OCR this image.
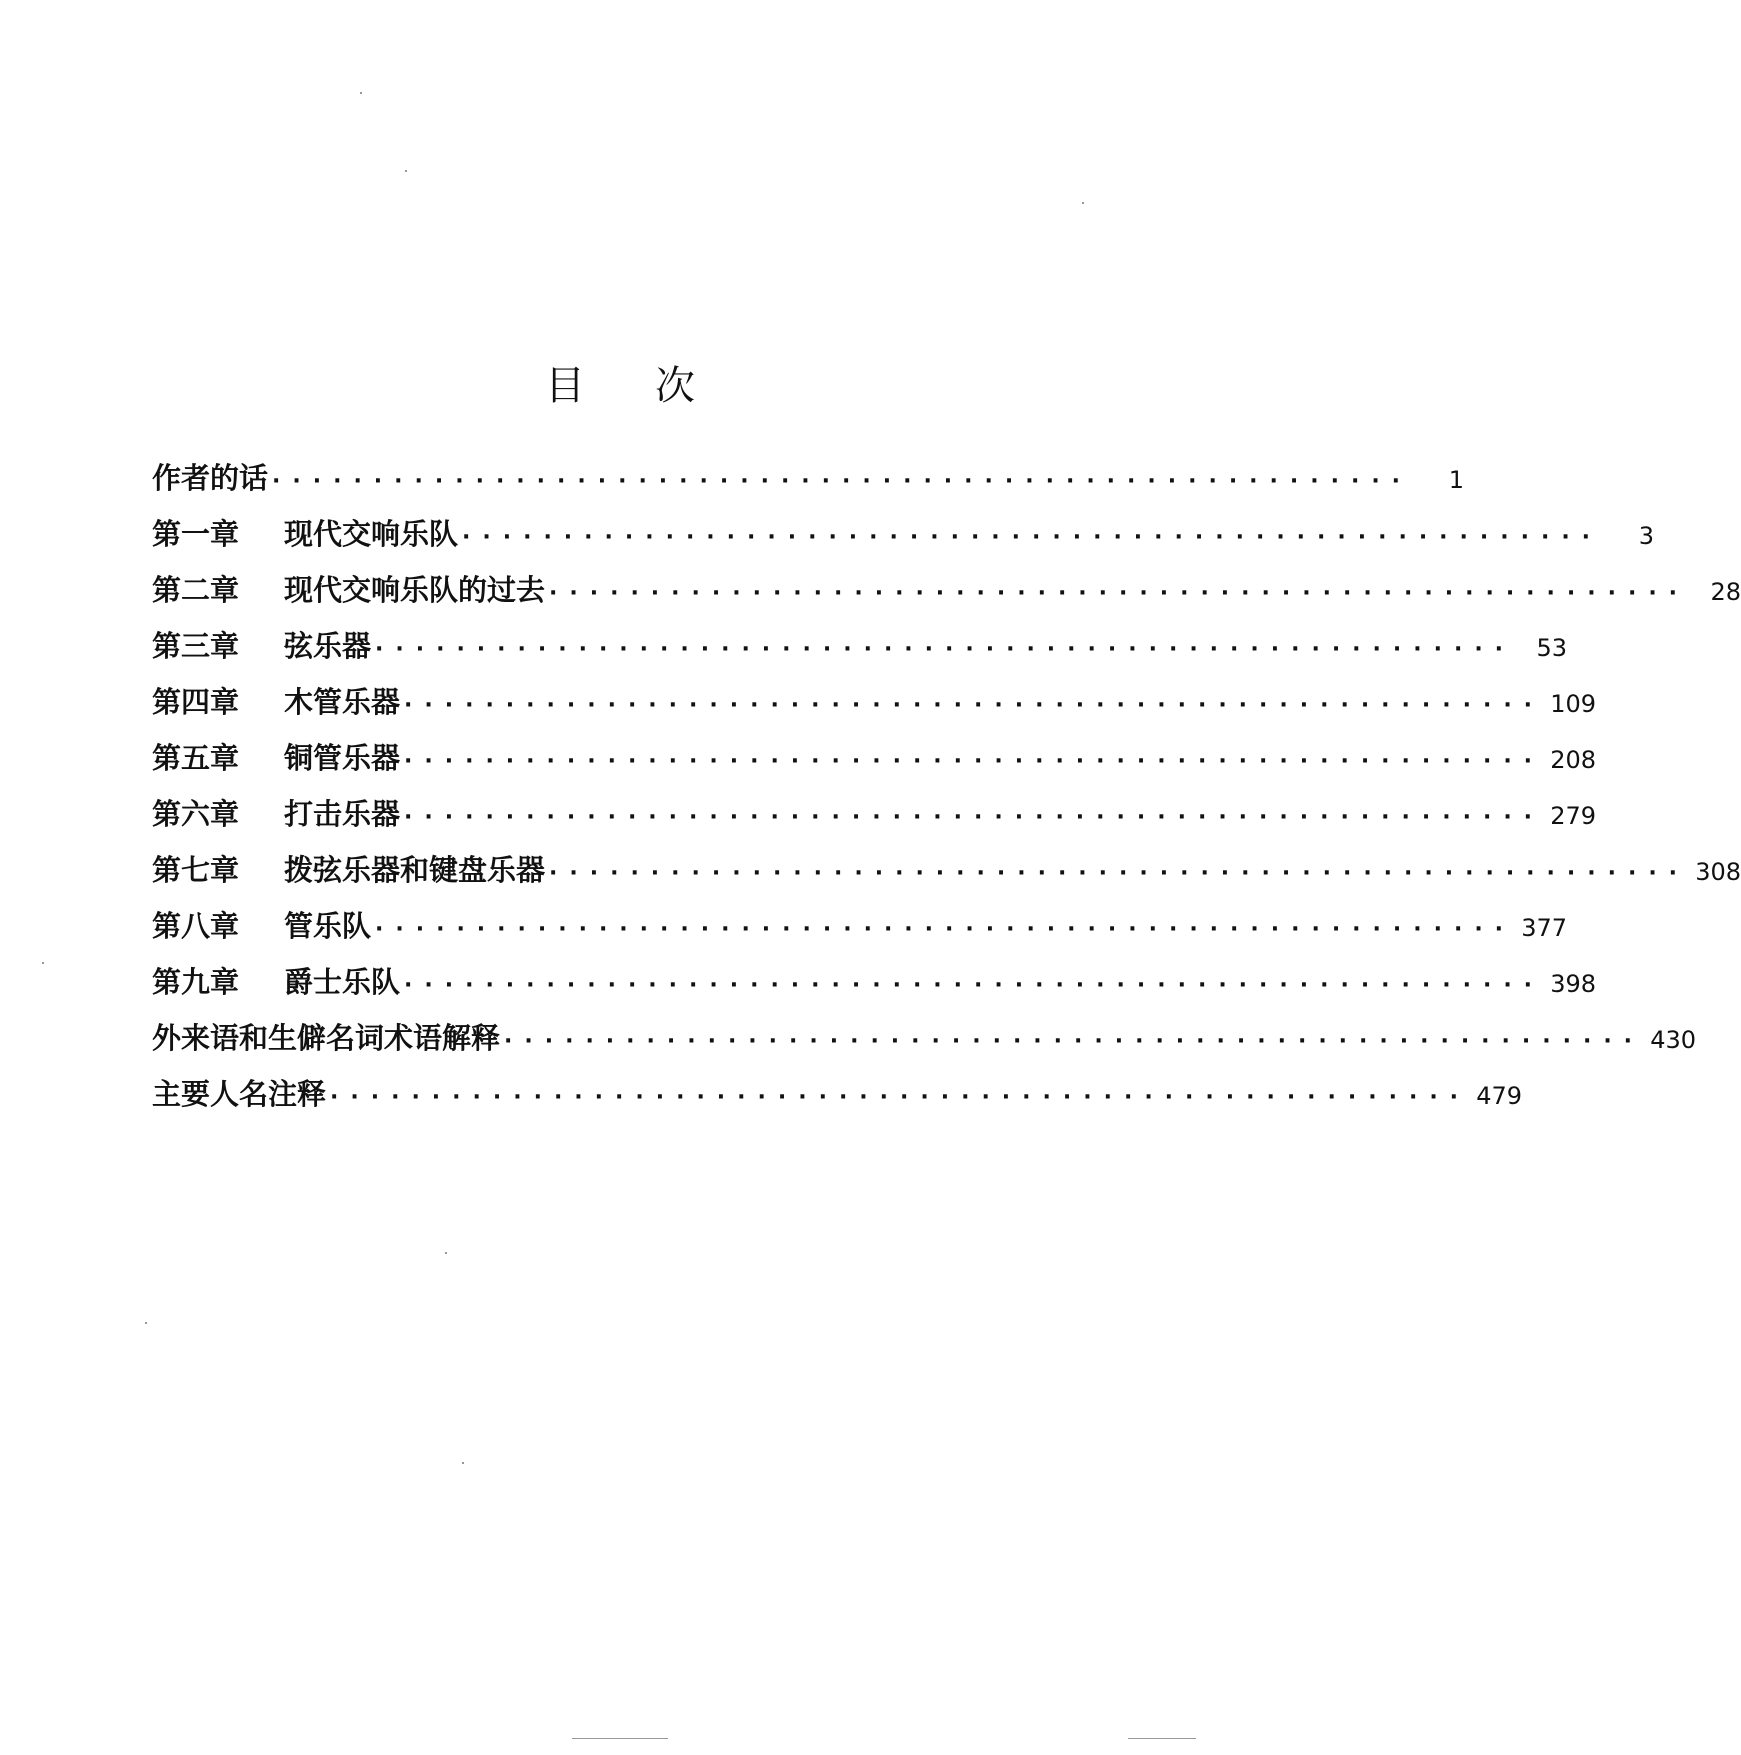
目次
作者的话 ························································	1
第一章	现代交响乐队 ························································	3
第二章	现代交响乐队的过去 ························································ 28
第三章	弦乐器 ························································ 53
第四章	木管乐器 ························································ 109
第五章	铜管乐器 ························································ 208
第六章	打击乐器 ························································ 279
第七章	拨弦乐器和键盘乐器 ························································ 308
第八章	管乐队 ························································ 377
第九章	爵士乐队 ························································ 398
外来语和生僻名词术语解释 ························································ 430
主要人名注释 ························································ 479
